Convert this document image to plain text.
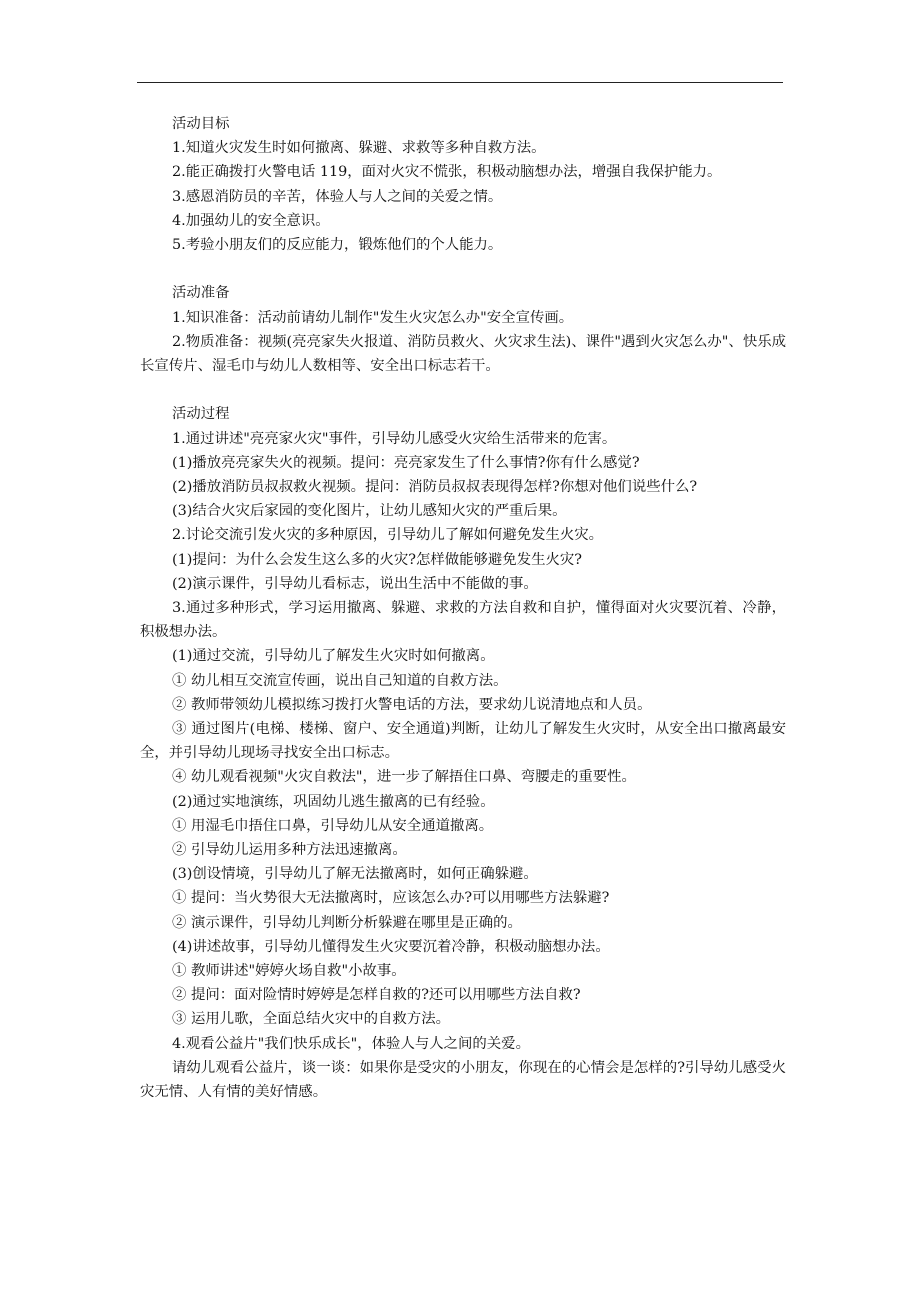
活动目标
1.知道火灾发生时如何撤离、躲避、求救等多种自救方法。
2.能正确拨打火警电话 119，面对火灾不慌张，积极动脑想办法，增强自我保护能力。
3.感恩消防员的辛苦，体验人与人之间的关爱之情。
4.加强幼儿的安全意识。
5.考验小朋友们的反应能力，锻炼他们的个人能力。
活动准备
1.知识准备：活动前请幼儿制作"发生火灾怎么办"安全宣传画。
2.物质准备：视频(亮亮家失火报道、消防员救火、火灾求生法)、课件"遇到火灾怎么办"、快乐成长宣传片、湿毛巾与幼儿人数相等、安全出口标志若干。
活动过程
1.通过讲述"亮亮家火灾"事件，引导幼儿感受火灾给生活带来的危害。
(1)播放亮亮家失火的视频。提问：亮亮家发生了什么事情?你有什么感觉?
(2)播放消防员叔叔救火视频。提问：消防员叔叔表现得怎样?你想对他们说些什么?
(3)结合火灾后家园的变化图片，让幼儿感知火灾的严重后果。
2.讨论交流引发火灾的多种原因，引导幼儿了解如何避免发生火灾。
(1)提问：为什么会发生这么多的火灾?怎样做能够避免发生火灾?
(2)演示课件，引导幼儿看标志，说出生活中不能做的事。
3.通过多种形式，学习运用撤离、躲避、求救的方法自救和自护，懂得面对火灾要沉着、冷静，积极想办法。
(1)通过交流，引导幼儿了解发生火灾时如何撤离。
① 幼儿相互交流宣传画，说出自己知道的自救方法。
② 教师带领幼儿模拟练习拨打火警电话的方法，要求幼儿说清地点和人员。
③ 通过图片(电梯、楼梯、窗户、安全通道)判断，让幼儿了解发生火灾时，从安全出口撤离最安全，并引导幼儿现场寻找安全出口标志。
④ 幼儿观看视频"火灾自救法"，进一步了解捂住口鼻、弯腰走的重要性。
(2)通过实地演练，巩固幼儿逃生撤离的已有经验。
① 用湿毛巾捂住口鼻，引导幼儿从安全通道撤离。
② 引导幼儿运用多种方法迅速撤离。
(3)创设情境，引导幼儿了解无法撤离时，如何正确躲避。
① 提问：当火势很大无法撤离时，应该怎么办?可以用哪些方法躲避?
② 演示课件，引导幼儿判断分析躲避在哪里是正确的。
(4)讲述故事，引导幼儿懂得发生火灾要沉着冷静，积极动脑想办法。
① 教师讲述"婷婷火场自救"小故事。
② 提问：面对险情时婷婷是怎样自救的?还可以用哪些方法自救?
③ 运用儿歌，全面总结火灾中的自救方法。
4.观看公益片"我们快乐成长"，体验人与人之间的关爱。
请幼儿观看公益片，谈一谈：如果你是受灾的小朋友，你现在的心情会是怎样的?引导幼儿感受火灾无情、人有情的美好情感。
